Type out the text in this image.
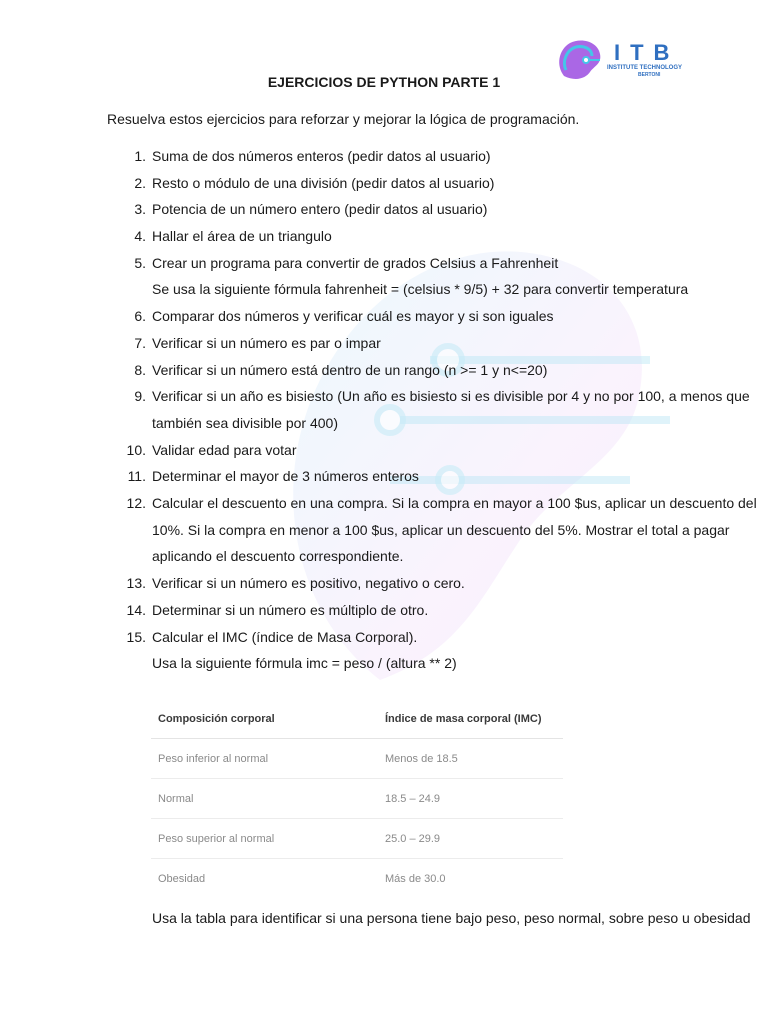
ITB
INSTITUTE TECHNOLOGY
BERTONI
EJERCICIOS DE PYTHON PARTE 1
Resuelva estos ejercicios para reforzar y mejorar la lógica de programación.
1. Suma de dos números enteros (pedir datos al usuario)
2. Resto o módulo de una división (pedir datos al usuario)
3. Potencia de un número entero (pedir datos al usuario)
4. Hallar el área de un triangulo
5. Crear un programa para convertir de grados Celsius a Fahrenheit
Se usa la siguiente fórmula fahrenheit = (celsius * 9/5) + 32 para convertir temperatura
6. Comparar dos números y verificar cuál es mayor y si son iguales
7. Verificar si un número es par o impar
8. Verificar si un número está dentro de un rango (n >= 1 y n<=20)
9. Verificar si un año es bisiesto (Un año es bisiesto si es divisible por 4 y no por 100, a menos que
también sea divisible por 400)
10. Validar edad para votar
11. Determinar el mayor de 3 números enteros
12. Calcular el descuento en una compra. Si la compra en mayor a 100 $us, aplicar un descuento del
10%. Si la compra en menor a 100 $us, aplicar un descuento del 5%. Mostrar el total a pagar
aplicando el descuento correspondiente.
13. Verificar si un número es positivo, negativo o cero.
14. Determinar si un número es múltiplo de otro.
15. Calcular el IMC (índice de Masa Corporal).
Usa la siguiente fórmula imc = peso / (altura ** 2)
Composición corporal	Índice de masa corporal (IMC)
Peso inferior al normal	Menos de 18.5
Normal	18.5 – 24.9
Peso superior al normal	25.0 – 29.9
Obesidad	Más de 30.0
Usa la tabla para identificar si una persona tiene bajo peso, peso normal, sobre peso u obesidad
